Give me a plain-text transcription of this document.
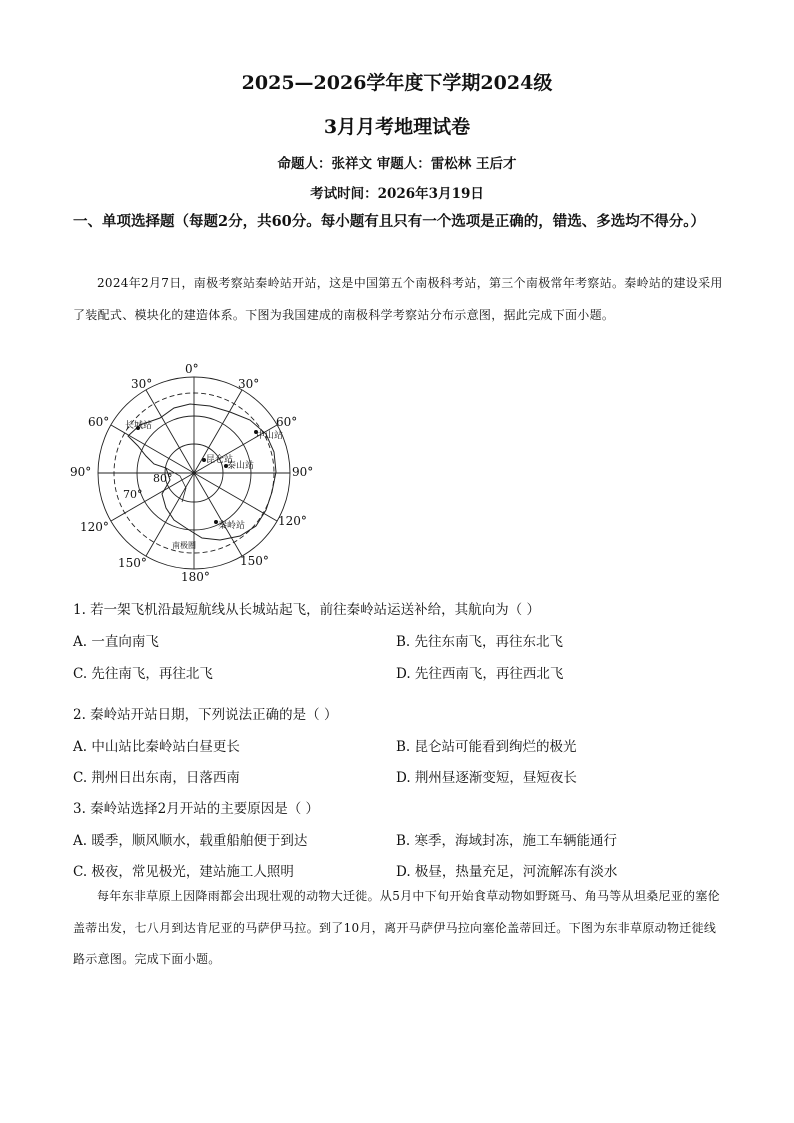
2025—2026学年度下学期2024级
3月月考地理试卷
命题人：张祥文 审题人：雷松林 王后才
考试时间：2026年3月19日
一、单项选择题（每题2分，共60分。每小题有且只有一个选项是正确的，错选、多选均不得分。）
2024年2月7日，南极考察站秦岭站开站，这是中国第五个南极科考站，第三个南极常年考察站。秦岭站的建设采用了装配式、模块化的建造体系。下图为我国建成的南极科学考察站分布示意图，据此完成下面小题。
0°
30°	30°
60°	60°
90°	90°
120°	120°
150°	150°
180°
70°
80°
长城站
昆仑站
中山站
泰山站
秦岭站
南极圈
1. 若一架飞机沿最短航线从长城站起飞，前往秦岭站运送补给，其航向为（ ）
A. 一直向南飞	B. 先往东南飞，再往东北飞
C. 先往南飞，再往北飞	D. 先往西南飞，再往西北飞
2. 秦岭站开站日期，下列说法正确的是（ ）
A. 中山站比秦岭站白昼更长	B. 昆仑站可能看到绚烂的极光
C. 荆州日出东南，日落西南	D. 荆州昼逐渐变短，昼短夜长
3. 秦岭站选择2月开站的主要原因是（ ）
A. 暖季，顺风顺水，载重船舶便于到达	B. 寒季，海域封冻，施工车辆能通行
C. 极夜，常见极光，建站施工人照明	D. 极昼，热量充足，河流解冻有淡水
每年东非草原上因降雨都会出现壮观的动物大迁徙。从5月中下旬开始食草动物如野斑马、角马等从坦桑尼亚的塞伦盖蒂出发，七八月到达肯尼亚的马萨伊马拉。到了10月，离开马萨伊马拉向塞伦盖蒂回迁。下图为东非草原动物迁徙线路示意图。完成下面小题。
